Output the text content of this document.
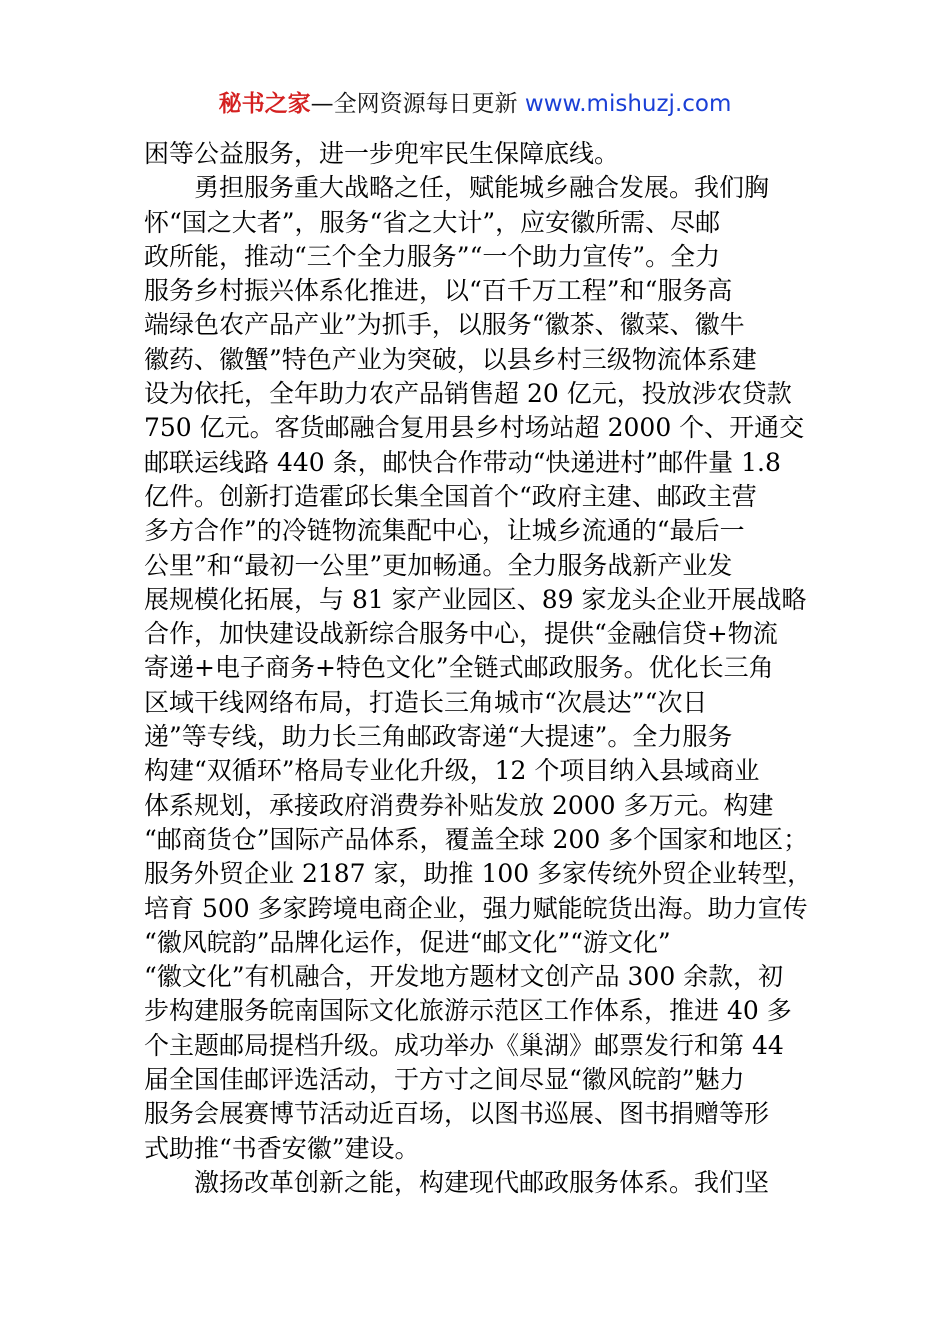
秘书之家—全网资源每日更新 www.mishuzj.com
困等公益服务，进一步兜牢民生保障底线。
勇担服务重大战略之任，赋能城乡融合发展。我们胸
怀“国之大者”，服务“省之大计”，应安徽所需、尽邮
政所能，推动“三个全力服务”“一个助力宣传”。全力
服务乡村振兴体系化推进，以“百千万工程”和“服务高
端绿色农产品产业”为抓手，以服务“徽茶、徽菜、徽牛
徽药、徽蟹”特色产业为突破，以县乡村三级物流体系建
设为依托，全年助力农产品销售超 20 亿元，投放涉农贷款
750 亿元。客货邮融合复用县乡村场站超 2000 个、开通交
邮联运线路 440 条，邮快合作带动“快递进村”邮件量 1.8
亿件。创新打造霍邱长集全国首个“政府主建、邮政主营
多方合作”的冷链物流集配中心，让城乡流通的“最后一
公里”和“最初一公里”更加畅通。全力服务战新产业发
展规模化拓展，与 81 家产业园区、89 家龙头企业开展战略
合作，加快建设战新综合服务中心，提供“金融信贷+物流
寄递+电子商务+特色文化”全链式邮政服务。优化长三角
区域干线网络布局，打造长三角城市“次晨达”“次日
递”等专线，助力长三角邮政寄递“大提速”。全力服务
构建“双循环”格局专业化升级，12 个项目纳入县域商业
体系规划，承接政府消费券补贴发放 2000 多万元。构建
“邮商货仓”国际产品体系，覆盖全球 200 多个国家和地区；
服务外贸企业 2187 家，助推 100 多家传统外贸企业转型，
培育 500 多家跨境电商企业，强力赋能皖货出海。助力宣传
“徽风皖韵”品牌化运作，促进“邮文化”“游文化”
“徽文化”有机融合，开发地方题材文创产品 300 余款，初
步构建服务皖南国际文化旅游示范区工作体系，推进 40 多
个主题邮局提档升级。成功举办《巢湖》邮票发行和第 44
届全国佳邮评选活动，于方寸之间尽显“徽风皖韵”魅力
服务会展赛博节活动近百场，以图书巡展、图书捐赠等形
式助推“书香安徽”建设。
激扬改革创新之能，构建现代邮政服务体系。我们坚
